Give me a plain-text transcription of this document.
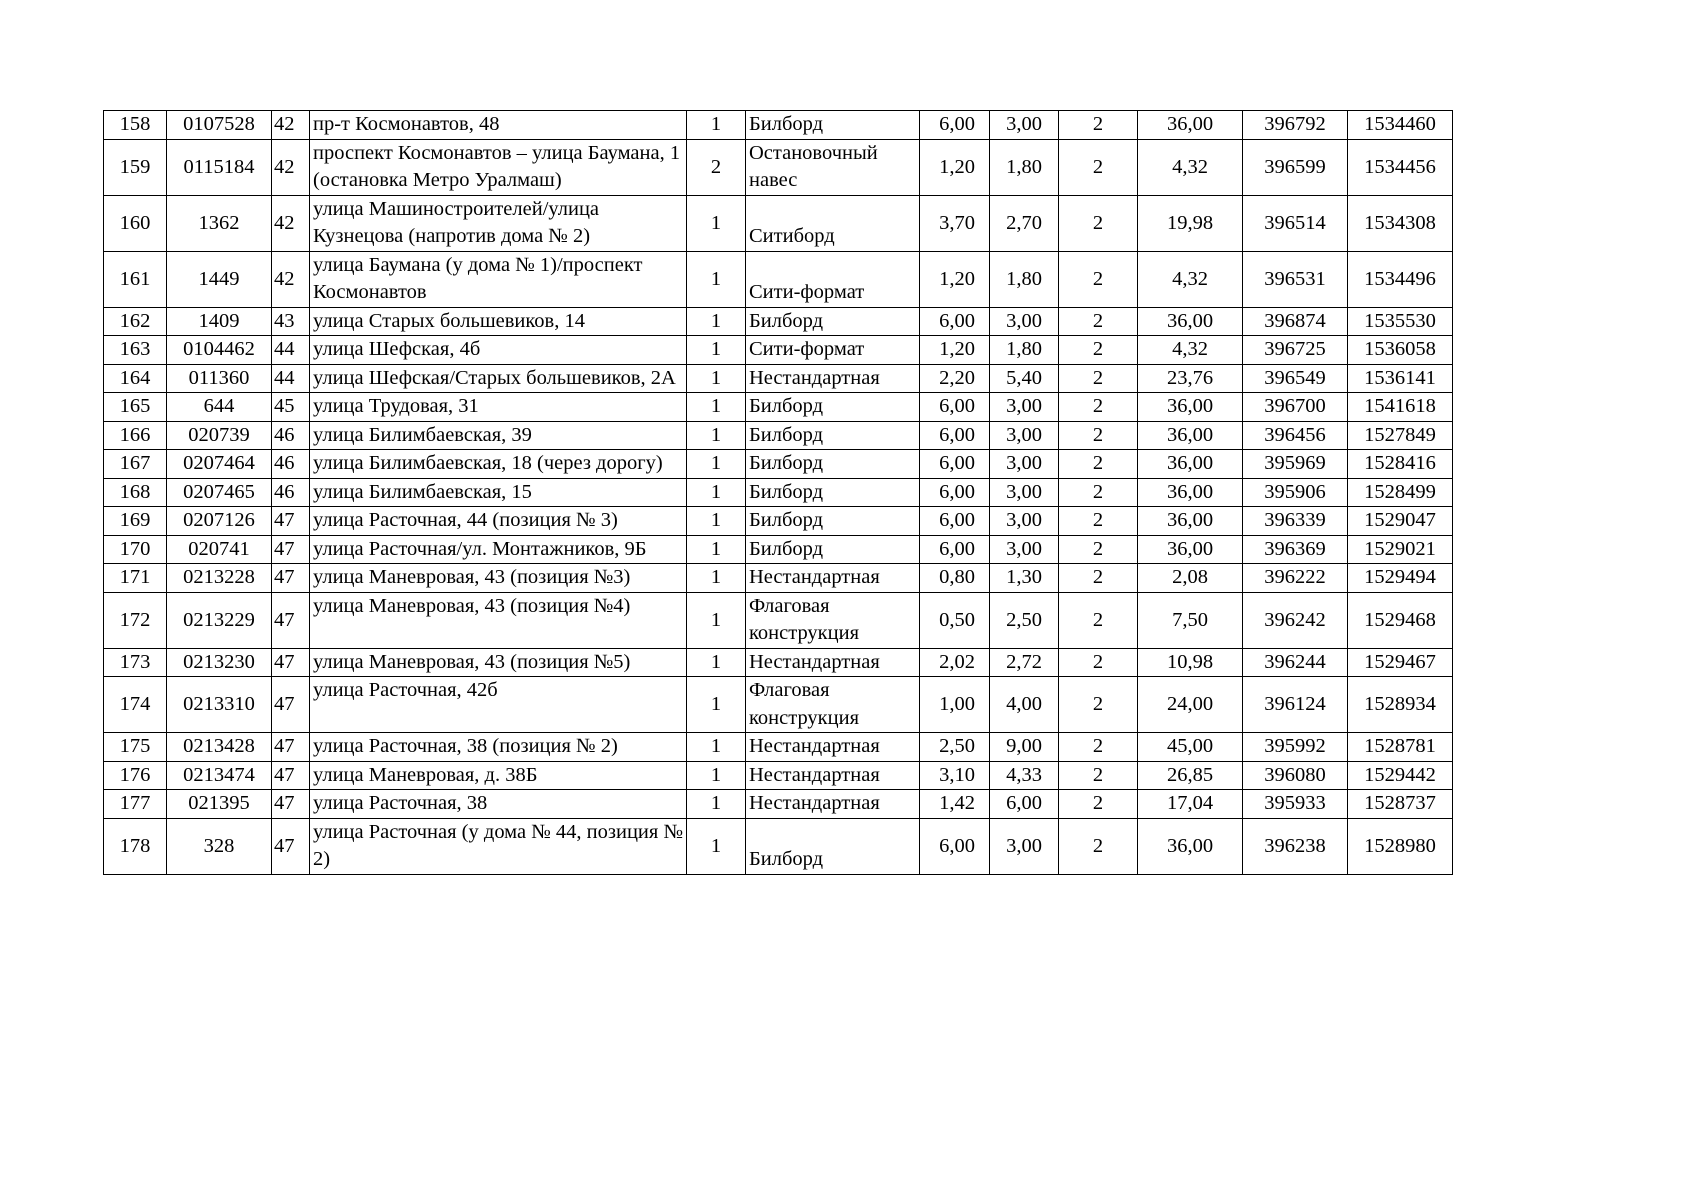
158	0107528	42	пр-т Космонавтов, 48	1	Билборд	6,00	3,00	2	36,00	396792	1534460
159	0115184	42	проспект Космонавтов – улица Баумана, 1 (остановка Метро Уралмаш)	2	Остановочный навес	1,20	1,80	2	4,32	396599	1534456
160	1362	42	улица Машиностроителей/улица Кузнецова (напротив дома № 2)	1	Ситиборд	3,70	2,70	2	19,98	396514	1534308
161	1449	42	улица Баумана (у дома № 1)/проспект Космонавтов	1	Сити-формат	1,20	1,80	2	4,32	396531	1534496
162	1409	43	улица Старых большевиков, 14	1	Билборд	6,00	3,00	2	36,00	396874	1535530
163	0104462	44	улица Шефская, 4б	1	Сити-формат	1,20	1,80	2	4,32	396725	1536058
164	011360	44	улица Шефская/Старых большевиков, 2А	1	Нестандартная	2,20	5,40	2	23,76	396549	1536141
165	644	45	улица Трудовая, 31	1	Билборд	6,00	3,00	2	36,00	396700	1541618
166	020739	46	улица Билимбаевская, 39	1	Билборд	6,00	3,00	2	36,00	396456	1527849
167	0207464	46	улица Билимбаевская, 18 (через дорогу)	1	Билборд	6,00	3,00	2	36,00	395969	1528416
168	0207465	46	улица Билимбаевская, 15	1	Билборд	6,00	3,00	2	36,00	395906	1528499
169	0207126	47	улица Расточная, 44 (позиция № 3)	1	Билборд	6,00	3,00	2	36,00	396339	1529047
170	020741	47	улица Расточная/ул. Монтажников, 9Б	1	Билборд	6,00	3,00	2	36,00	396369	1529021
171	0213228	47	улица Маневровая, 43 (позиция №3)	1	Нестандартная	0,80	1,30	2	2,08	396222	1529494
172	0213229	47	улица Маневровая, 43 (позиция №4)	1	Флаговая конструкция	0,50	2,50	2	7,50	396242	1529468
173	0213230	47	улица Маневровая, 43 (позиция №5)	1	Нестандартная	2,02	2,72	2	10,98	396244	1529467
174	0213310	47	улица Расточная, 42б	1	Флаговая конструкция	1,00	4,00	2	24,00	396124	1528934
175	0213428	47	улица Расточная, 38 (позиция № 2)	1	Нестандартная	2,50	9,00	2	45,00	395992	1528781
176	0213474	47	улица Маневровая, д. 38Б	1	Нестандартная	3,10	4,33	2	26,85	396080	1529442
177	021395	47	улица Расточная, 38	1	Нестандартная	1,42	6,00	2	17,04	395933	1528737
178	328	47	улица Расточная (у дома № 44, позиция № 2)	1	Билборд	6,00	3,00	2	36,00	396238	1528980
